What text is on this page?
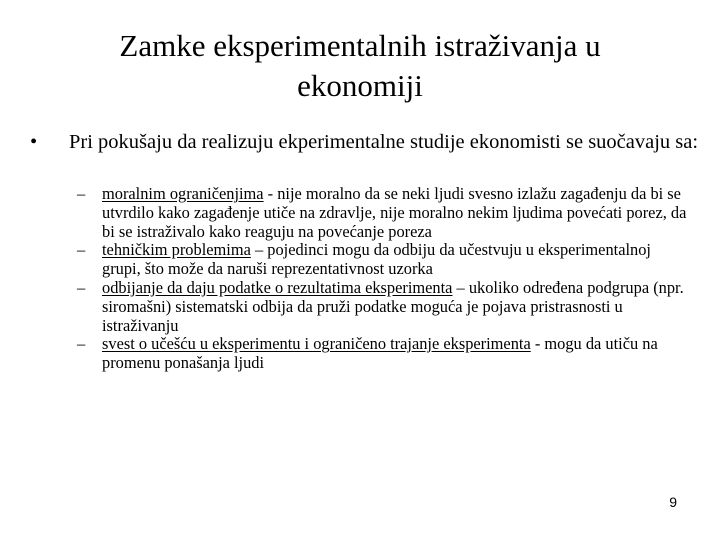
Zamke eksperimentalnih istraživanja u
ekonomiji
• Pri pokušaju da realizuju ekperimentalne studije ekonomisti se suočavaju sa:
– moralnim ograničenjima - nije moralno da se neki ljudi svesno izlažu zagađenju da bi se utvrdilo kako zagađenje utiče na zdravlje, nije moralno nekim ljudima povećati porez, da bi se istraživalo kako reaguju na povećanje poreza
– tehničkim problemima – pojedinci mogu da odbiju da učestvuju u eksperimentalnoj grupi, što može da naruši reprezentativnost uzorka
– odbijanje da daju podatke o rezultatima eksperimenta – ukoliko određena podgrupa (npr. siromašni) sistematski odbija da pruži podatke moguća je pojava pristrasnosti u istraživanju
– svest o učešću u eksperimentu i ograničeno trajanje eksperimenta - mogu da utiču na promenu ponašanja ljudi
9
